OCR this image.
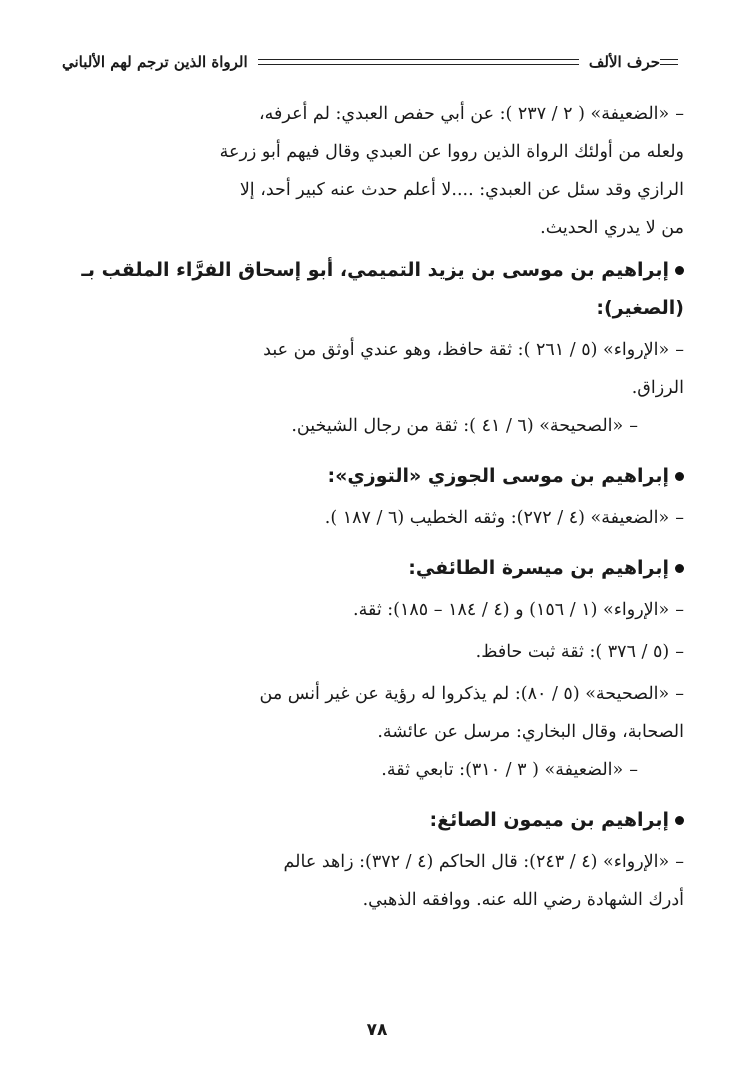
الرواة الذين ترجم لهم الألباني	حرف الألف

–«الضعيفة» ( ٢ / ٢٣٧ ): عن أبي حفص العبدي: لم أعرفه،

ولعله من أولئك الرواة الذين رووا عن العبدي وقال فيهم أبو زرعة

الرازي وقد سئل عن العبدي: ....لا أعلم حدث عنه كبير أحد، إلا

من لا يدري الحديث.

إبراهيم بن موسى بن يزيد التميمي، أبو إسحاق الفرَّاء الملقب بـ

(الصغير):

–«الإرواء» (٥ / ٢٦١ ): ثقة حافظ، وهو عندي أوثق من عبد

الرزاق.

–«الصحيحة» (٦ / ٤١ ): ثقة من رجال الشيخين.

إبراهيم بن موسى الجوزي «التوزي»:

–«الضعيفة» (٤ / ٢٧٢): وثقه الخطيب (٦ / ١٨٧ ).

إبراهيم بن ميسرة الطائفي:

–«الإرواء» (١ / ١٥٦) و (٤ / ١٨٤ – ١٨٥): ثقة.

–(٥ / ٣٧٦ ): ثقة ثبت حافظ.

–«الصحيحة» (٥ / ٨٠): لم يذكروا له رؤية عن غير أنس من

الصحابة، وقال البخاري: مرسل عن عائشة.

–«الضعيفة» ( ٣ / ٣١٠): تابعي ثقة.

إبراهيم بن ميمون الصائغ:

–«الإرواء» (٤ / ٢٤٣): قال الحاكم (٤ / ٣٧٢): زاهد عالم

أدرك الشهادة رضي الله عنه. ووافقه الذهبي.

٧٨
